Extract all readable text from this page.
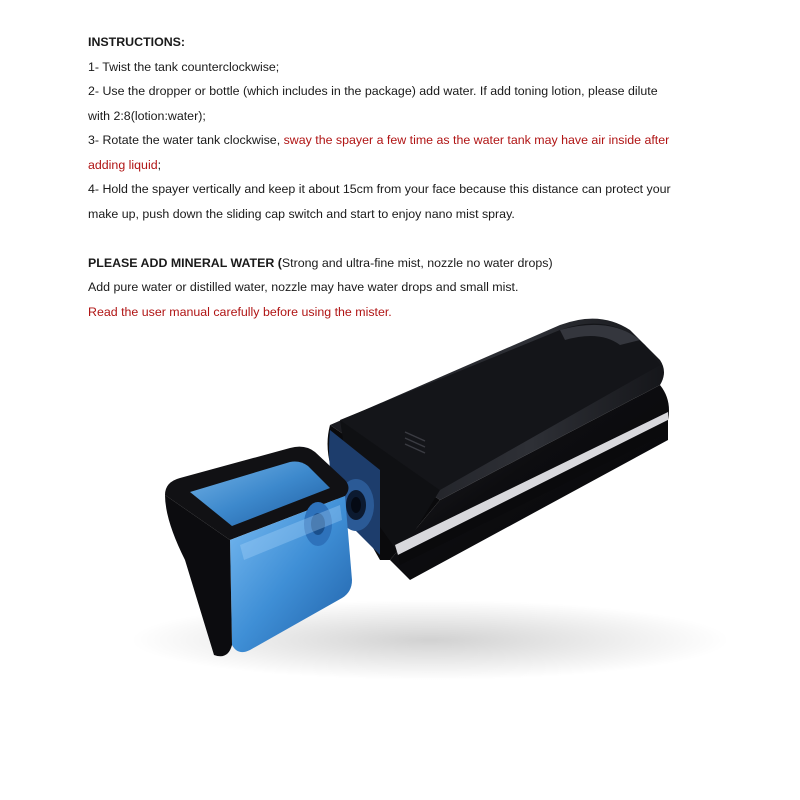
INSTRUCTIONS:

1- Twist the tank counterclockwise;

2- Use the dropper or bottle (which includes in the package) add water. If add toning lotion, please dilute

with 2:8(lotion:water);

3- Rotate the water tank clockwise, sway the spayer a few time as the water tank may have air inside after

adding liquid;

4- Hold the spayer vertically and keep it about 15cm from your face because this distance can protect your

make up, push down the sliding cap switch and start to enjoy nano mist spray.

PLEASE ADD MINERAL WATER (Strong and ultra-fine mist, nozzle no water drops)

Add pure water or distilled water, nozzle may have water drops and small mist.

Read the user manual carefully before using the mister.
